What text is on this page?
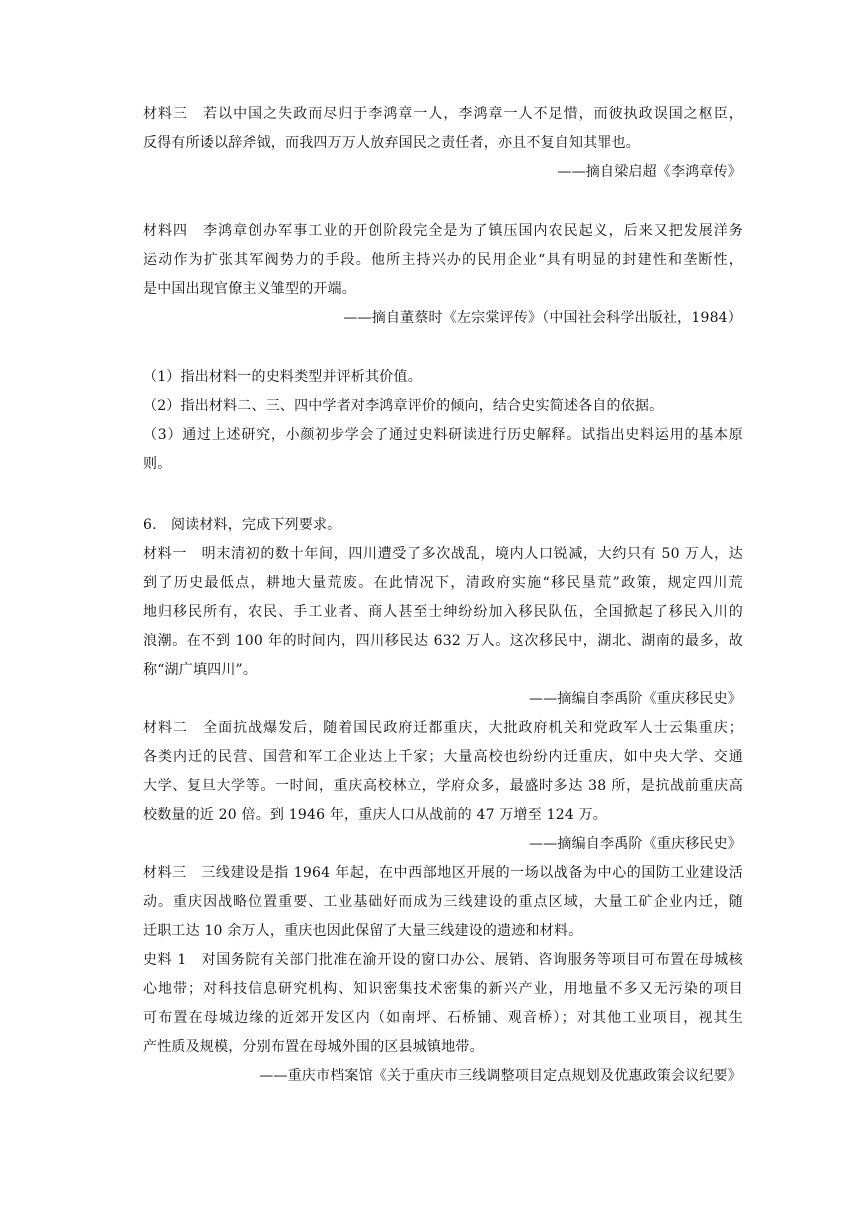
材料三　若以中国之失政而尽归于李鸿章一人，李鸿章一人不足惜，而彼执政误国之枢臣，
反得有所诿以辞斧钺，而我四万万人放弃国民之责任者，亦且不复自知其罪也。
——摘自梁启超《李鸿章传》
材料四　李鸿章创办军事工业的开创阶段完全是为了镇压国内农民起义，后来又把发展洋务
运动作为扩张其军阀势力的手段。他所主持兴办的民用企业“具有明显的封建性和垄断性，
是中国出现官僚主义雏型的开端。
——摘自董蔡时《左宗棠评传》（中国社会科学出版社，1984）
（1）指出材料一的史料类型并评析其价值。
（2）指出材料二、三、四中学者对李鸿章评价的倾向，结合史实简述各自的依据。
（3）通过上述研究，小颜初步学会了通过史料研读进行历史解释。试指出史料运用的基本原
则。
6.　阅读材料，完成下列要求。
材料一　明末清初的数十年间，四川遭受了多次战乱，境内人口锐减，大约只有 50 万人，达
到了历史最低点，耕地大量荒废。在此情况下，清政府实施“移民垦荒”政策，规定四川荒
地归移民所有，农民、手工业者、商人甚至士绅纷纷加入移民队伍，全国掀起了移民入川的
浪潮。在不到 100 年的时间内，四川移民达 632 万人。这次移民中，湖北、湖南的最多，故
称“湖广填四川”。
——摘编自李禹阶《重庆移民史》
材料二　全面抗战爆发后，随着国民政府迁都重庆，大批政府机关和党政军人士云集重庆；
各类内迁的民营、国营和军工企业达上千家；大量高校也纷纷内迁重庆，如中央大学、交通
大学、复旦大学等。一时间，重庆高校林立，学府众多，最盛时多达 38 所，是抗战前重庆高
校数量的近 20 倍。到 1946 年，重庆人口从战前的 47 万增至 124 万。
——摘编自李禹阶《重庆移民史》
材料三　三线建设是指 1964 年起，在中西部地区开展的一场以战备为中心的国防工业建设活
动。重庆因战略位置重要、工业基础好而成为三线建设的重点区域，大量工矿企业内迁，随
迁职工达 10 余万人，重庆也因此保留了大量三线建设的遗迹和材料。
史料 1　对国务院有关部门批准在渝开设的窗口办公、展销、咨询服务等项目可布置在母城核
心地带；对科技信息研究机构、知识密集技术密集的新兴产业，用地量不多又无污染的项目
可布置在母城边缘的近郊开发区内（如南坪、石桥铺、观音桥）；对其他工业项目，视其生
产性质及规模，分别布置在母城外围的区县城镇地带。
——重庆市档案馆《关于重庆市三线调整项目定点规划及优惠政策会议纪要》
